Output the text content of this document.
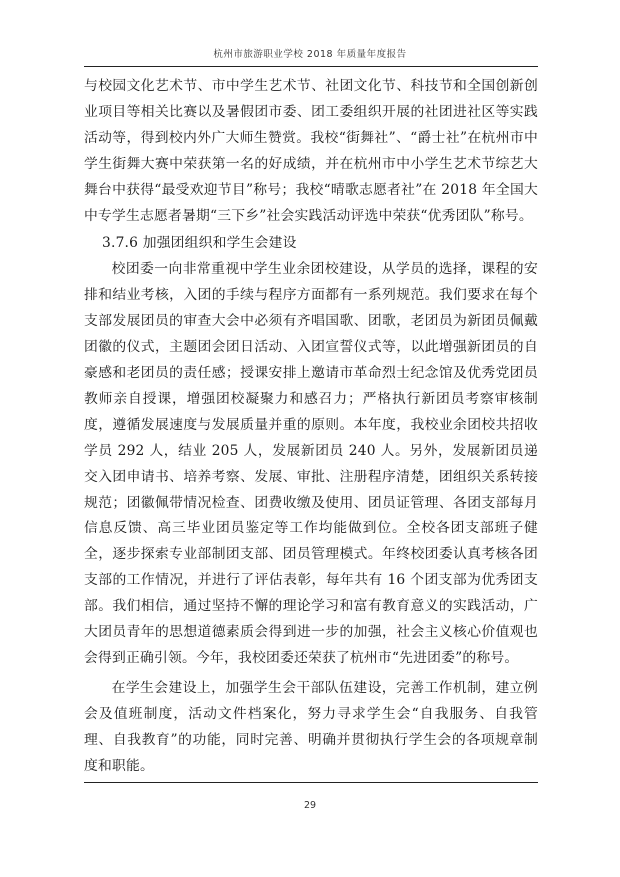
杭州市旅游职业学校 2018 年质量年度报告

与校园文化艺术节、市中学生艺术节、社团文化节、科技节和全国创新创业项目等相关比赛以及暑假团市委、团工委组织开展的社团进社区等实践活动等，得到校内外广大师生赞赏。我校“街舞社”、“爵士社”在杭州市中学生街舞大赛中荣获第一名的好成绩，并在杭州市中小学生艺术节综艺大舞台中获得“最受欢迎节目”称号；我校“晴歌志愿者社”在 2018 年全国大中专学生志愿者暑期“三下乡”社会实践活动评选中荣获“优秀团队”称号。

3.7.6 加强团组织和学生会建设

校团委一向非常重视中学生业余团校建设，从学员的选择，课程的安排和结业考核，入团的手续与程序方面都有一系列规范。我们要求在每个支部发展团员的审查大会中必须有齐唱国歌、团歌，老团员为新团员佩戴团徽的仪式，主题团会团日活动、入团宣誓仪式等，以此增强新团员的自豪感和老团员的责任感；授课安排上邀请市革命烈士纪念馆及优秀党团员教师亲自授课，增强团校凝聚力和感召力；严格执行新团员考察审核制度，遵循发展速度与发展质量并重的原则。本年度，我校业余团校共招收学员 292 人，结业 205 人，发展新团员 240 人。另外，发展新团员递交入团申请书、培养考察、发展、审批、注册程序清楚，团组织关系转接规范；团徽佩带情况检查、团费收缴及使用、团员证管理、各团支部每月信息反馈、高三毕业团员鉴定等工作均能做到位。全校各团支部班子健全，逐步探索专业部制团支部、团员管理模式。年终校团委认真考核各团支部的工作情况，并进行了评估表彰，每年共有 16 个团支部为优秀团支部。我们相信，通过坚持不懈的理论学习和富有教育意义的实践活动，广大团员青年的思想道德素质会得到进一步的加强，社会主义核心价值观也会得到正确引领。今年，我校团委还荣获了杭州市“先进团委”的称号。

在学生会建设上，加强学生会干部队伍建设，完善工作机制，建立例会及值班制度，活动文件档案化，努力寻求学生会“自我服务、自我管理、自我教育”的功能，同时完善、明确并贯彻执行学生会的各项规章制度和职能。

29
